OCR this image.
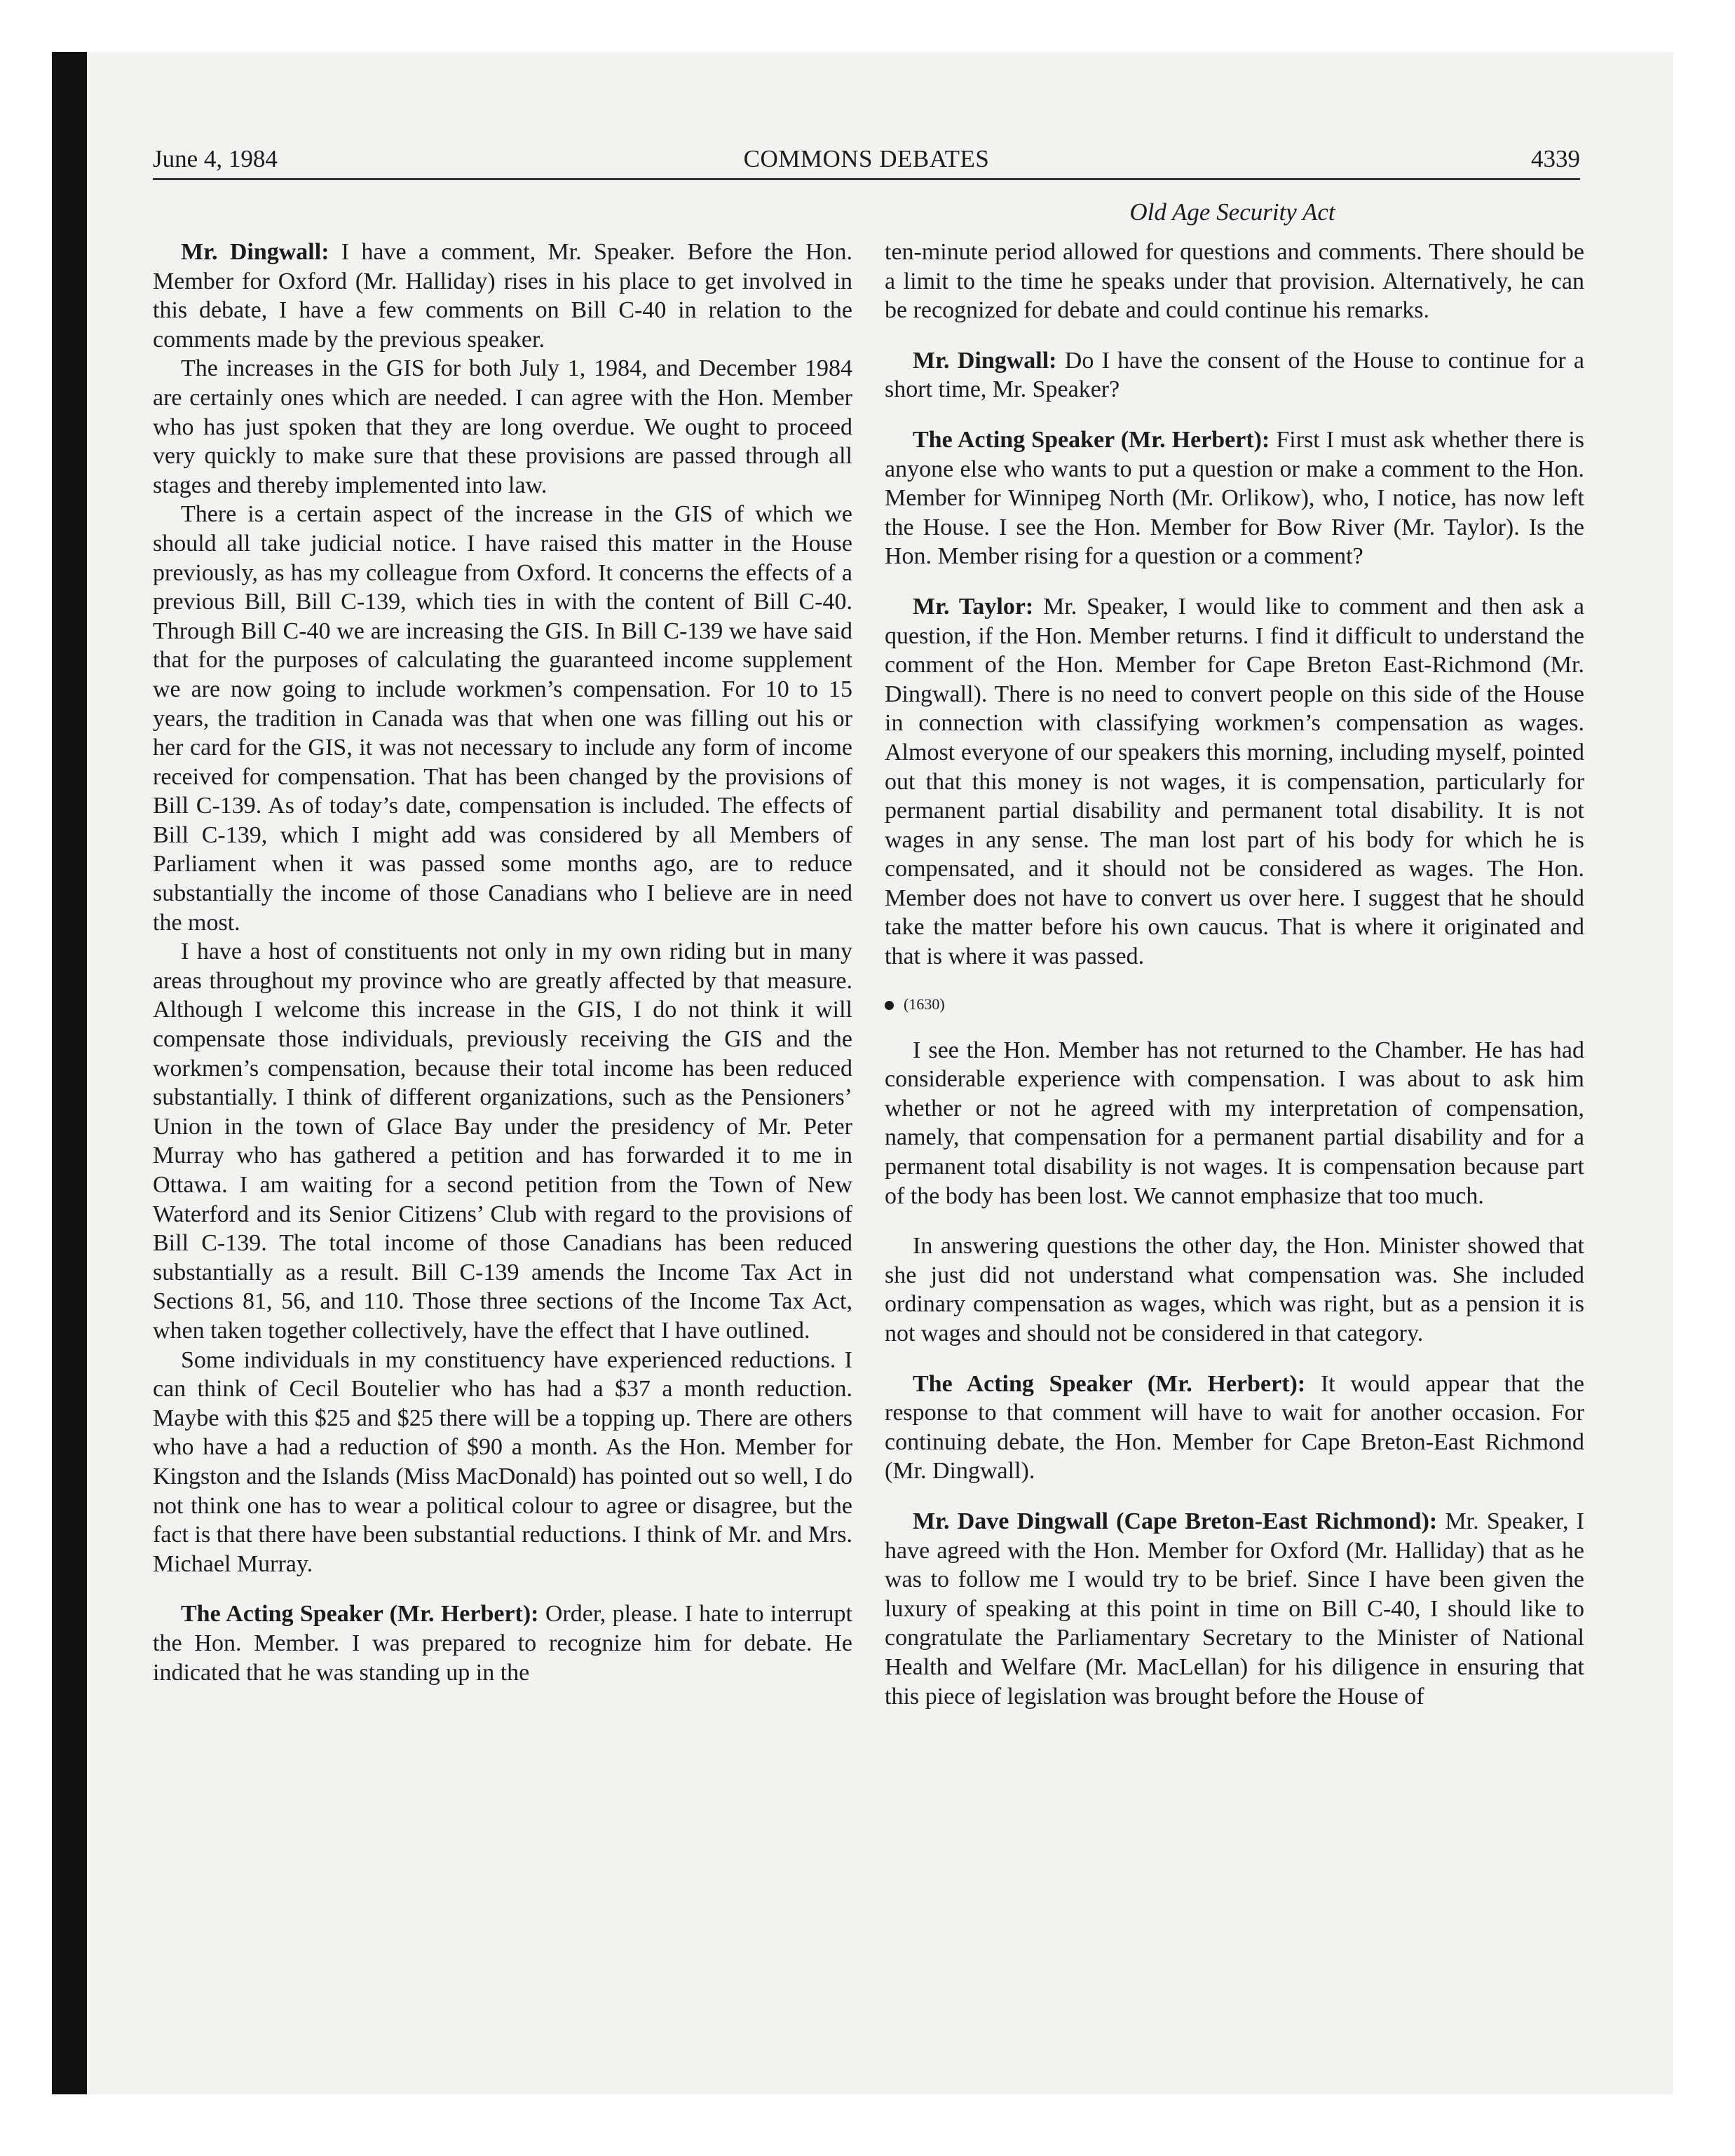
June 4, 1984	COMMONS DEBATES	4339
Old Age Security Act

Mr. Dingwall: I have a comment, Mr. Speaker. Before the Hon. Member for Oxford (Mr. Halliday) rises in his place to get involved in this debate, I have a few comments on Bill C-40 in relation to the comments made by the previous speaker.

The increases in the GIS for both July 1, 1984, and December 1984 are certainly ones which are needed. I can agree with the Hon. Member who has just spoken that they are long overdue. We ought to proceed very quickly to make sure that these provisions are passed through all stages and thereby implemented into law.

There is a certain aspect of the increase in the GIS of which we should all take judicial notice. I have raised this matter in the House previously, as has my colleague from Oxford. It concerns the effects of a previous Bill, Bill C-139, which ties in with the content of Bill C-40. Through Bill C-40 we are increasing the GIS. In Bill C-139 we have said that for the purposes of calculating the guaranteed income supplement we are now going to include workmen’s compensation. For 10 to 15 years, the tradition in Canada was that when one was filling out his or her card for the GIS, it was not necessary to include any form of income received for compensation. That has been changed by the provisions of Bill C-139. As of today’s date, compensation is included. The effects of Bill C-139, which I might add was considered by all Members of Parliament when it was passed some months ago, are to reduce substantially the income of those Canadians who I believe are in need the most.

I have a host of constituents not only in my own riding but in many areas throughout my province who are greatly affected by that measure. Although I welcome this increase in the GIS, I do not think it will compensate those individuals, previously receiving the GIS and the workmen’s compensation, because their total income has been reduced substantially. I think of different organizations, such as the Pensioners’ Union in the town of Glace Bay under the presidency of Mr. Peter Murray who has gathered a petition and has forwarded it to me in Ottawa. I am waiting for a second petition from the Town of New Waterford and its Senior Citizens’ Club with regard to the provisions of Bill C-139. The total income of those Canadians has been reduced substantially as a result. Bill C-139 amends the Income Tax Act in Sections 81, 56, and 110. Those three sections of the Income Tax Act, when taken together collectively, have the effect that I have outlined.

Some individuals in my constituency have experienced reductions. I can think of Cecil Boutelier who has had a $37 a month reduction. Maybe with this $25 and $25 there will be a topping up. There are others who have a had a reduction of $90 a month. As the Hon. Member for Kingston and the Islands (Miss MacDonald) has pointed out so well, I do not think one has to wear a political colour to agree or disagree, but the fact is that there have been substantial reductions. I think of Mr. and Mrs. Michael Murray.

The Acting Speaker (Mr. Herbert): Order, please. I hate to interrupt the Hon. Member. I was prepared to recognize him for debate. He indicated that he was standing up in the

ten-minute period allowed for questions and comments. There should be a limit to the time he speaks under that provision. Alternatively, he can be recognized for debate and could continue his remarks.

Mr. Dingwall: Do I have the consent of the House to continue for a short time, Mr. Speaker?

The Acting Speaker (Mr. Herbert): First I must ask whether there is anyone else who wants to put a question or make a comment to the Hon. Member for Winnipeg North (Mr. Orlikow), who, I notice, has now left the House. I see the Hon. Member for Bow River (Mr. Taylor). Is the Hon. Member rising for a question or a comment?

Mr. Taylor: Mr. Speaker, I would like to comment and then ask a question, if the Hon. Member returns. I find it difficult to understand the comment of the Hon. Member for Cape Breton East-Richmond (Mr. Dingwall). There is no need to convert people on this side of the House in connection with classifying workmen’s compensation as wages. Almost everyone of our speakers this morning, including myself, pointed out that this money is not wages, it is compensation, particularly for permanent partial disability and permanent total disability. It is not wages in any sense. The man lost part of his body for which he is compensated, and it should not be considered as wages. The Hon. Member does not have to convert us over here. I suggest that he should take the matter before his own caucus. That is where it originated and that is where it was passed.

(1630)

I see the Hon. Member has not returned to the Chamber. He has had considerable experience with compensation. I was about to ask him whether or not he agreed with my interpretation of compensation, namely, that compensation for a permanent partial disability and for a permanent total disability is not wages. It is compensation because part of the body has been lost. We cannot emphasize that too much.

In answering questions the other day, the Hon. Minister showed that she just did not understand what compensation was. She included ordinary compensation as wages, which was right, but as a pension it is not wages and should not be considered in that category.

The Acting Speaker (Mr. Herbert): It would appear that the response to that comment will have to wait for another occasion. For continuing debate, the Hon. Member for Cape Breton-East Richmond (Mr. Dingwall).

Mr. Dave Dingwall (Cape Breton-East Richmond): Mr. Speaker, I have agreed with the Hon. Member for Oxford (Mr. Halliday) that as he was to follow me I would try to be brief. Since I have been given the luxury of speaking at this point in time on Bill C-40, I should like to congratulate the Parliamentary Secretary to the Minister of National Health and Welfare (Mr. MacLellan) for his diligence in ensuring that this piece of legislation was brought before the House of
